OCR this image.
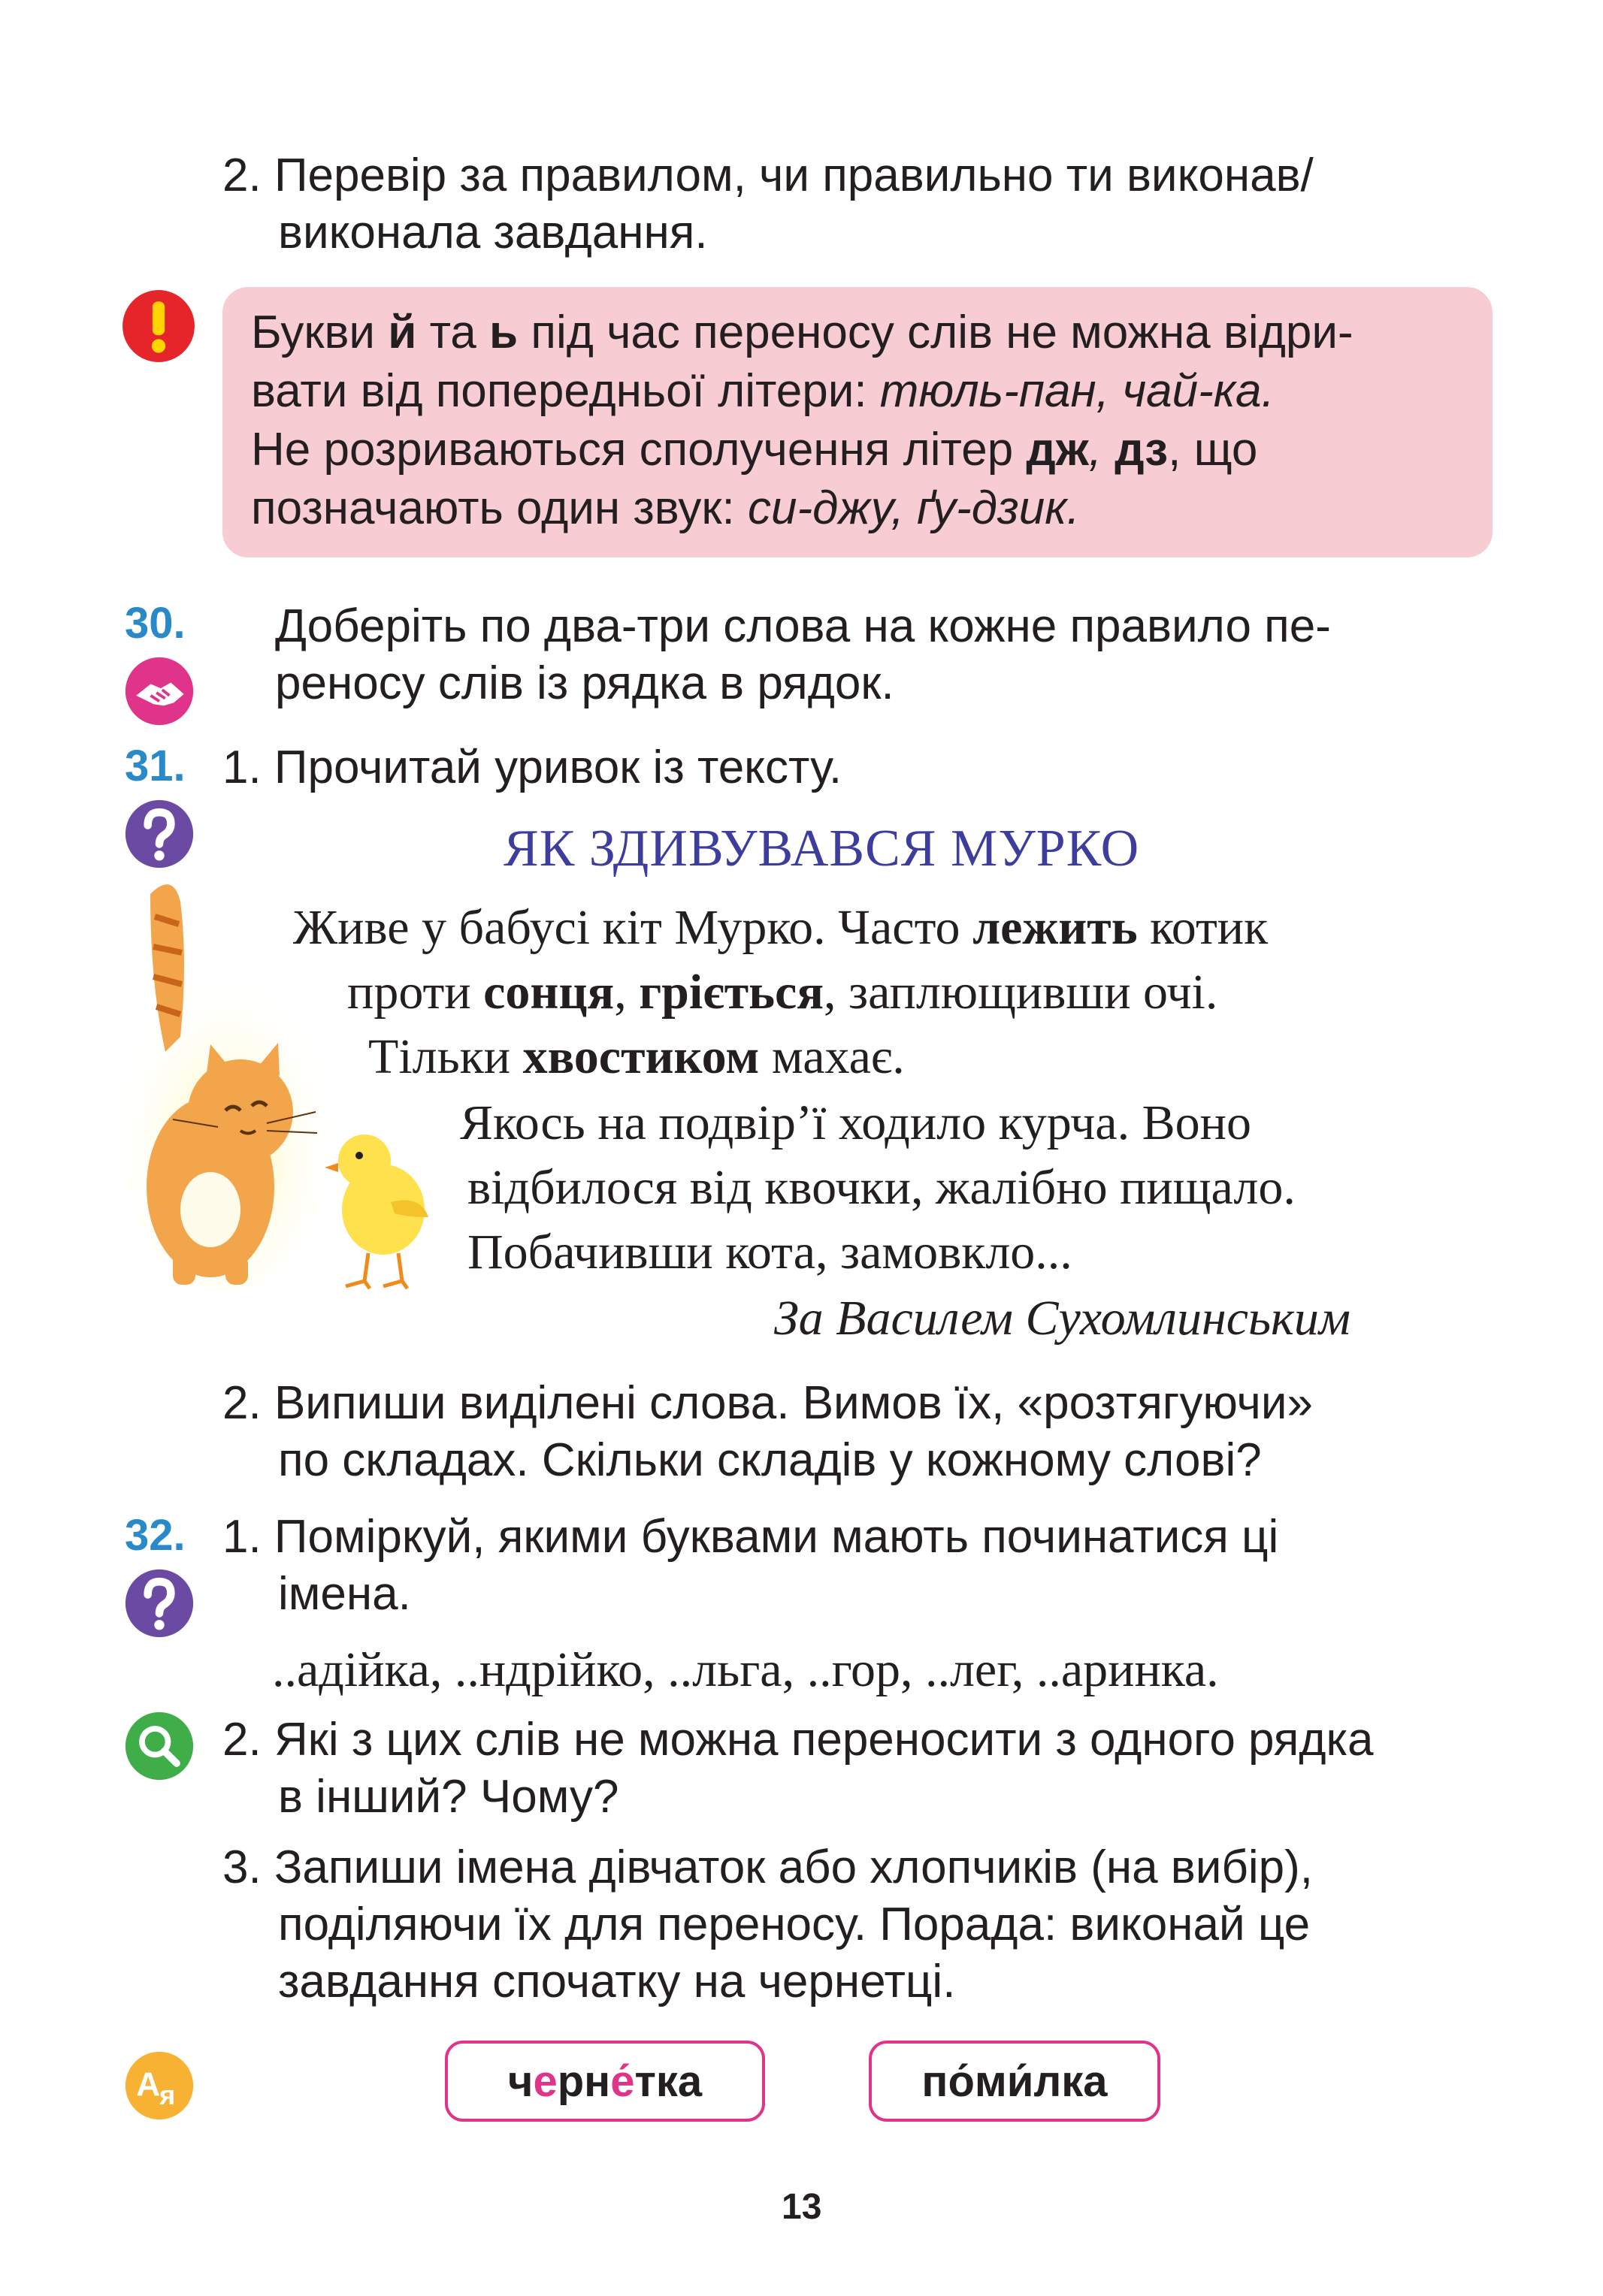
2. Перевір за правилом, чи правильно ти виконав/
виконала завдання.
Букви й та ь під час переносу слів не можна відри-
вати від попередньої літери: тюль-пан, чай-ка.
Не розриваються сполучення літер дж, дз, що
позначають один звук: си-джу, ґу-дзик.
30. Доберіть по два-три слова на кожне правило пе-
реносу слів із рядка в рядок.
31. 1. Прочитай уривок із тексту.
ЯК ЗДИВУВАВСЯ МУРКО
Живе у бабусі кіт Мурко. Часто лежить котик
проти сонця, гріється, заплющивши очі.
Тільки хвостиком махає.
Якось на подвір’ї ходило курча. Воно
відбилося від квочки, жалібно пищало.
Побачивши кота, замовкло...
За Василем Сухомлинським
2. Випиши виділені слова. Вимов їх, «розтягуючи»
по складах. Скільки складів у кожному слові?
32. 1. Поміркуй, якими буквами мають починатися ці
імена.
..адійка, ..ндрійко, ..льга, ..гор, ..лег, ..аринка.
2. Які з цих слів не можна переносити з одного рядка
в інший? Чому?
3. Запиши імена дівчаток або хлопчиків (на вибір),
поділяючи їх для переносу. Порада: виконай це
завдання спочатку на чернетці.
А
я	ч е рн е́ тка	по́ ми́ лка
13
